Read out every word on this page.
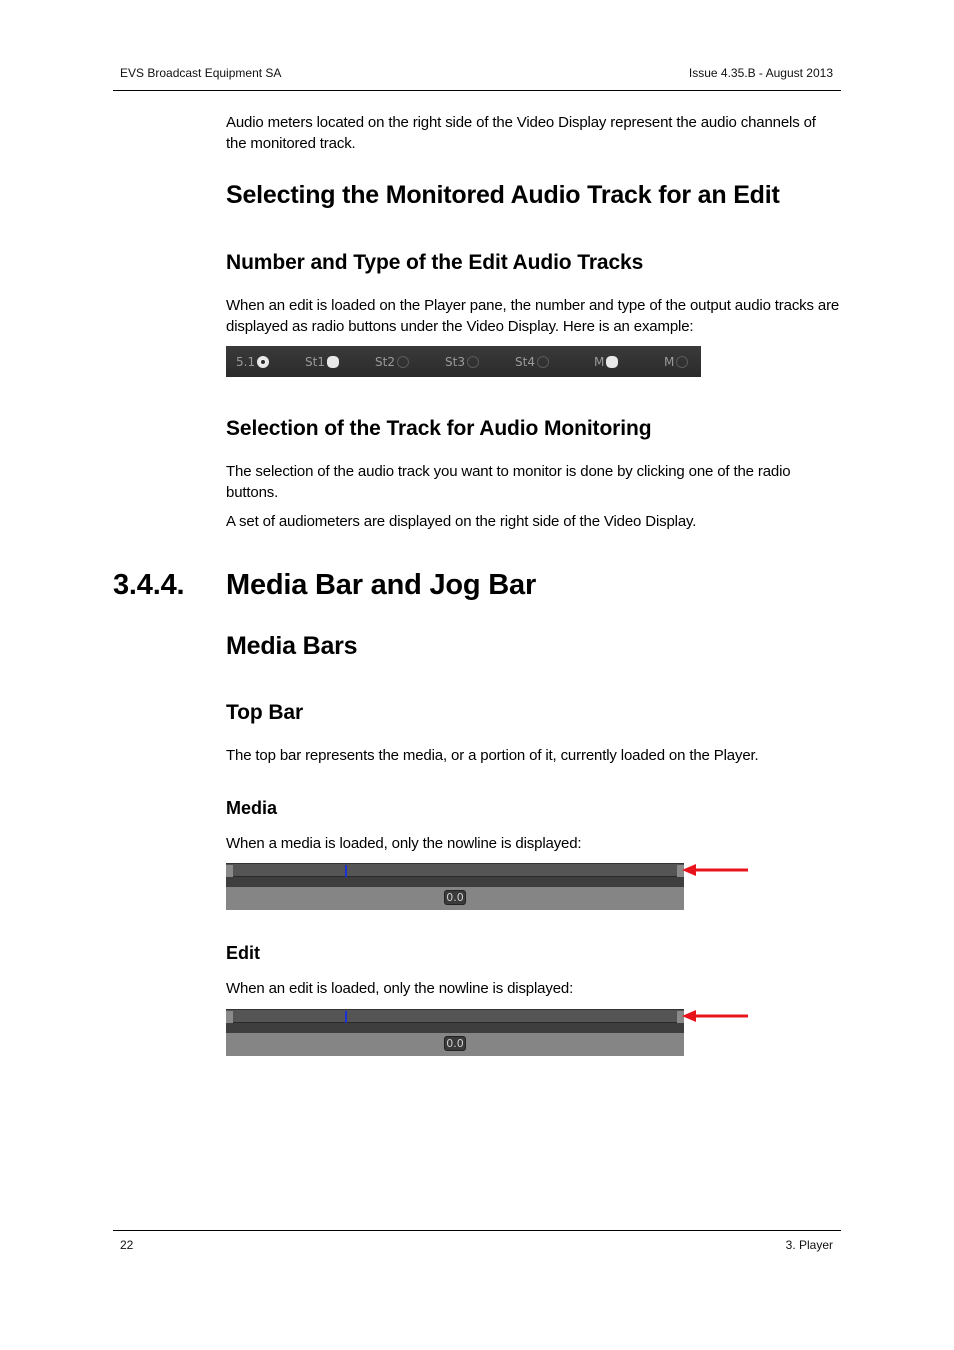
EVS Broadcast Equipment SA	Issue 4.35.B - August 2013
Audio meters located on the right side of the Video Display represent the audio channels of the monitored track.
Selecting the Monitored Audio Track for an Edit
Number and Type of the Edit Audio Tracks
When an edit is loaded on the Player pane, the number and type of the output audio tracks are displayed as radio buttons under the Video Display. Here is an example:
5.1	St1	St2	St3	St4	M	M
Selection of the Track for Audio Monitoring
The selection of the audio track you want to monitor is done by clicking one of the radio buttons.
A set of audiometers are displayed on the right side of the Video Display.
3.4.4. Media Bar and Jog Bar
Media Bars
Top Bar
The top bar represents the media, or a portion of it, currently loaded on the Player.
Media
When a media is loaded, only the nowline is displayed:
0.0
Edit
When an edit is loaded, only the nowline is displayed:
0.0
22	3. Player
